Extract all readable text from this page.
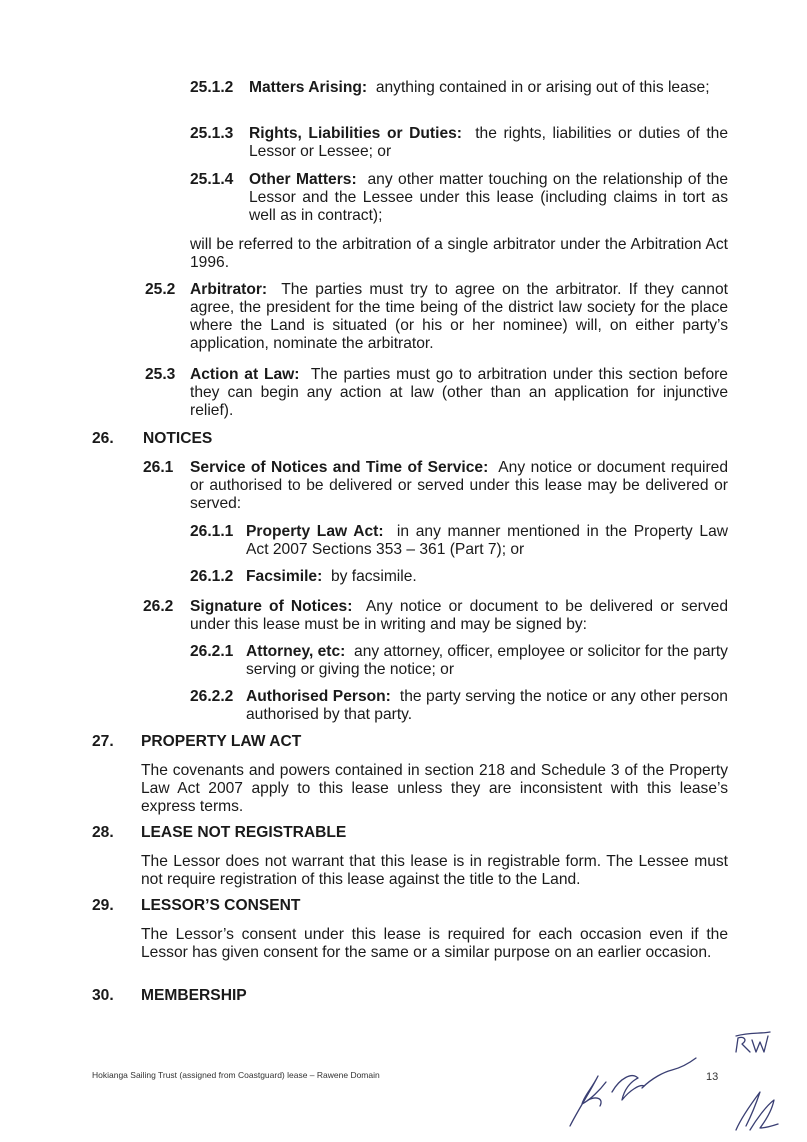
25.1.2 Matters Arising: anything contained in or arising out of this lease;
25.1.3 Rights, Liabilities or Duties: the rights, liabilities or duties of the Lessor or Lessee; or
25.1.4 Other Matters: any other matter touching on the relationship of the Lessor and the Lessee under this lease (including claims in tort as well as in contract);
will be referred to the arbitration of a single arbitrator under the Arbitration Act 1996.
25.2 Arbitrator: The parties must try to agree on the arbitrator. If they cannot agree, the president for the time being of the district law society for the place where the Land is situated (or his or her nominee) will, on either party’s application, nominate the arbitrator.
25.3 Action at Law: The parties must go to arbitration under this section before they can begin any action at law (other than an application for injunctive relief).
26. NOTICES
26.1 Service of Notices and Time of Service: Any notice or document required or authorised to be delivered or served under this lease may be delivered or served:
26.1.1 Property Law Act: in any manner mentioned in the Property Law Act 2007 Sections 353 – 361 (Part 7); or
26.1.2 Facsimile: by facsimile.
26.2 Signature of Notices: Any notice or document to be delivered or served under this lease must be in writing and may be signed by:
26.2.1 Attorney, etc: any attorney, officer, employee or solicitor for the party serving or giving the notice; or
26.2.2 Authorised Person: the party serving the notice or any other person authorised by that party.
27. PROPERTY LAW ACT
The covenants and powers contained in section 218 and Schedule 3 of the Property Law Act 2007 apply to this lease unless they are inconsistent with this lease’s express terms.
28. LEASE NOT REGISTRABLE
The Lessor does not warrant that this lease is in registrable form. The Lessee must not require registration of this lease against the title to the Land.
29. LESSOR’S CONSENT
The Lessor’s consent under this lease is required for each occasion even if the Lessor has given consent for the same or a similar purpose on an earlier occasion.
30. MEMBERSHIP
Hokianga Sailing Trust (assigned from Coastguard) lease – Rawene Domain	13
